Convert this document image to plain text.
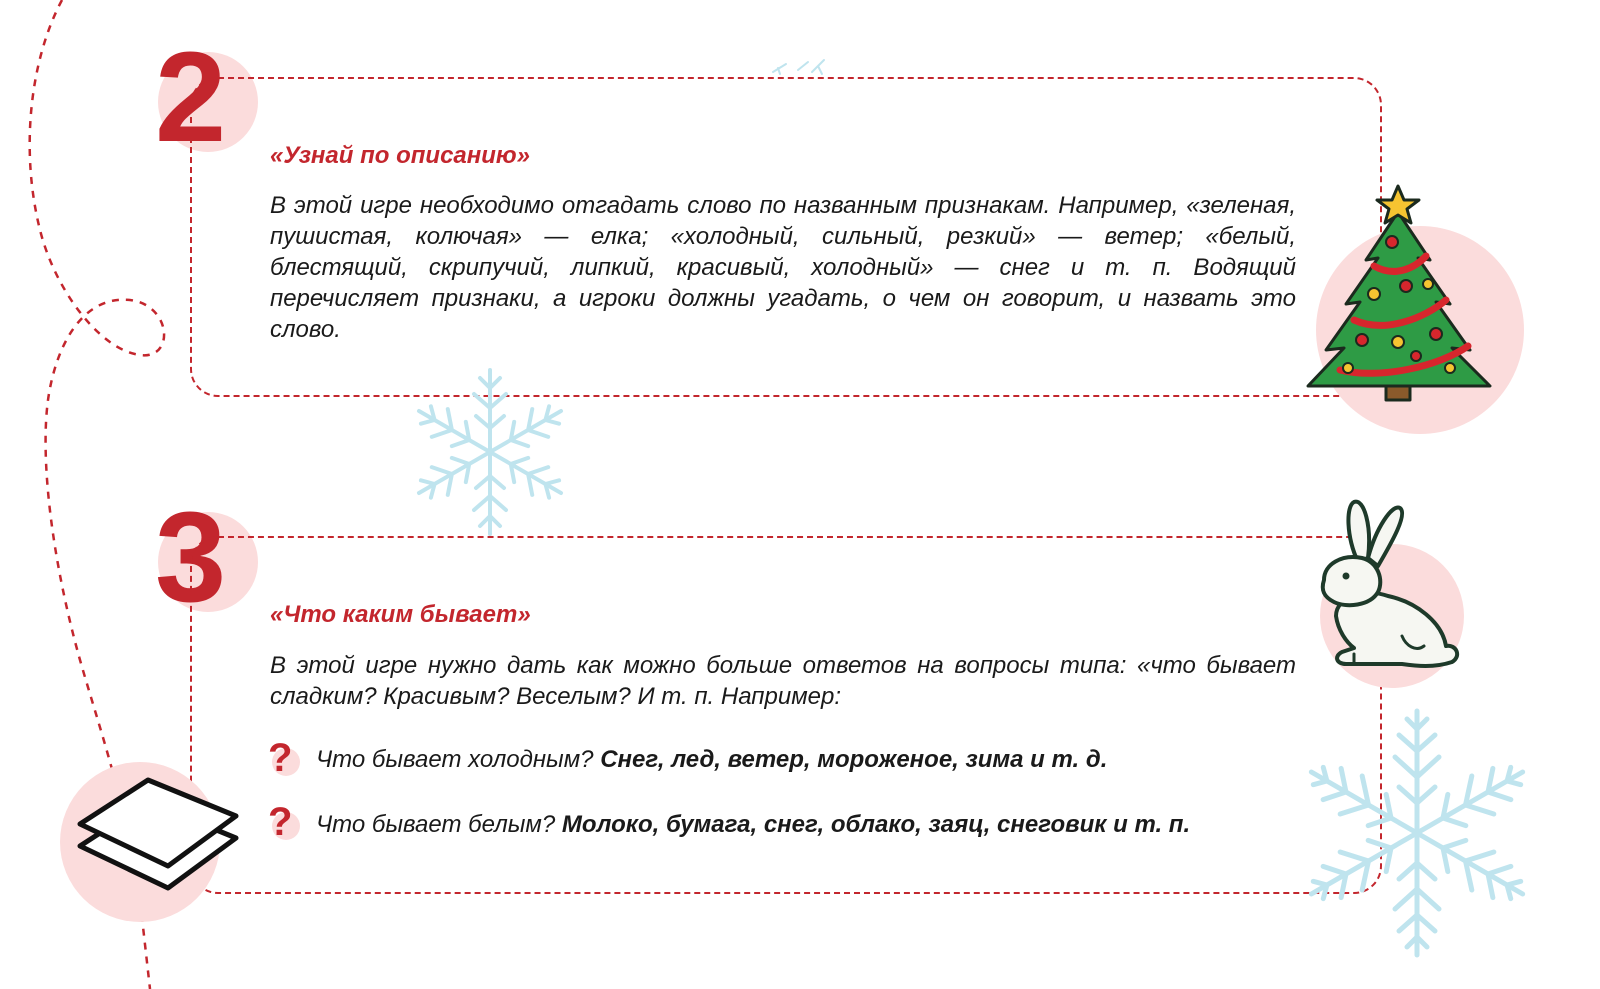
2 «Узнай по описанию»

В этой игре необходимо отгадать слово по названным признакам. Например, «зеленая, пушистая, колючая» — елка; «холодный, сильный, резкий» — ветер; «белый, блестящий, скрипучий, липкий, красивый, холодный» — снег и т. п. Водящий перечисляет признаки, а игроки должны угадать, о чем он говорит, и назвать это слово.

3 «Что каким бывает»

В этой игре нужно дать как можно больше ответов на вопросы типа: «что бывает сладким? Красивым? Веселым? И т. п. Например:

? Что бывает холодным? Снег, лед, ветер, мороженое, зима и т. д.
? Что бывает белым? Молоко, бумага, снег, облако, заяц, снеговик и т. п.
